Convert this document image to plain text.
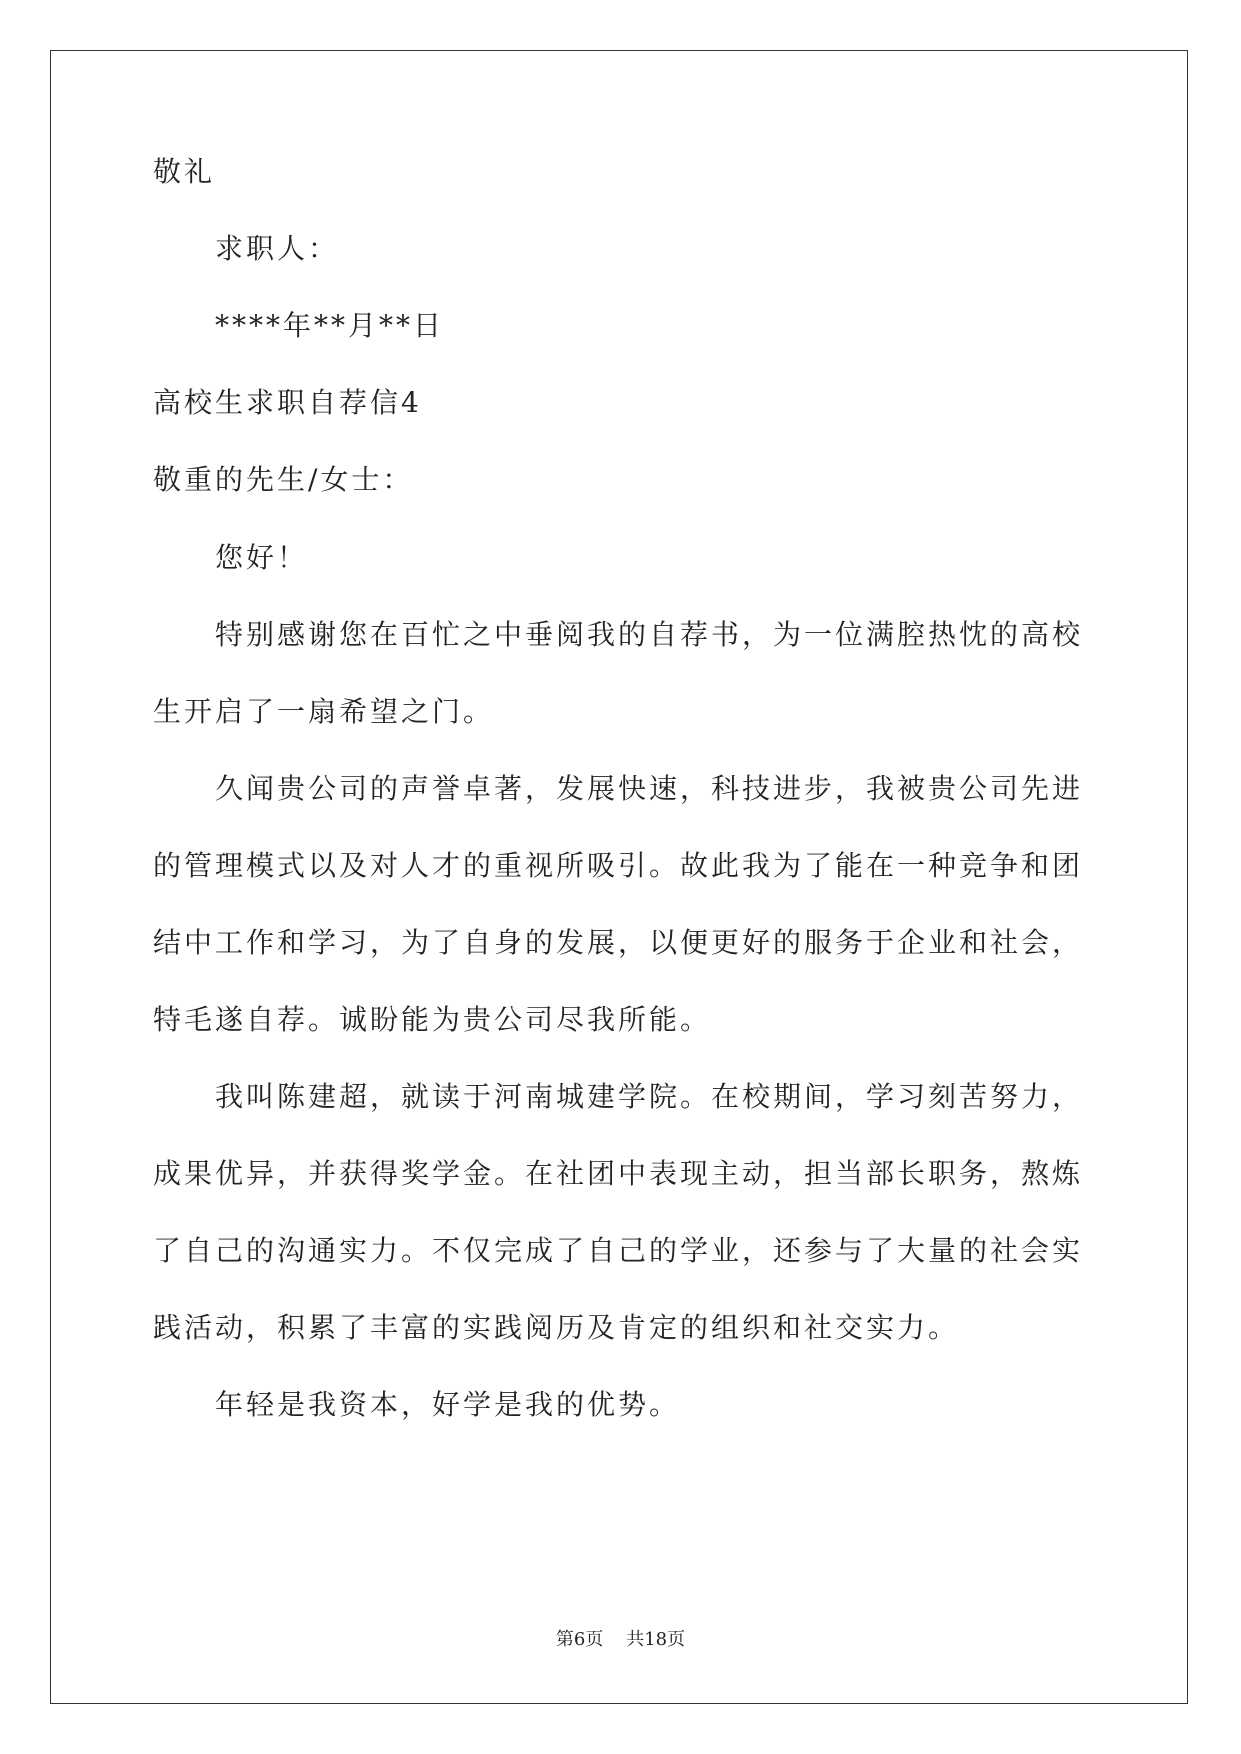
敬礼
求职人：
****年**月**日
高校生求职自荐信4
敬重的先生/女士：
您好！
特别感谢您在百忙之中垂阅我的自荐书，为一位满腔热忱的高校
生开启了一扇希望之门。
久闻贵公司的声誉卓著，发展快速，科技进步，我被贵公司先进
的管理模式以及对人才的重视所吸引。故此我为了能在一种竞争和团
结中工作和学习，为了自身的发展，以便更好的服务于企业和社会，
特毛遂自荐。诚盼能为贵公司尽我所能。
我叫陈建超，就读于河南城建学院。在校期间，学习刻苦努力，
成果优异，并获得奖学金。在社团中表现主动，担当部长职务，熬炼
了自己的沟通实力。不仅完成了自己的学业，还参与了大量的社会实
践活动，积累了丰富的实践阅历及肯定的组织和社交实力。
年轻是我资本，好学是我的优势。
第6页    共18页
